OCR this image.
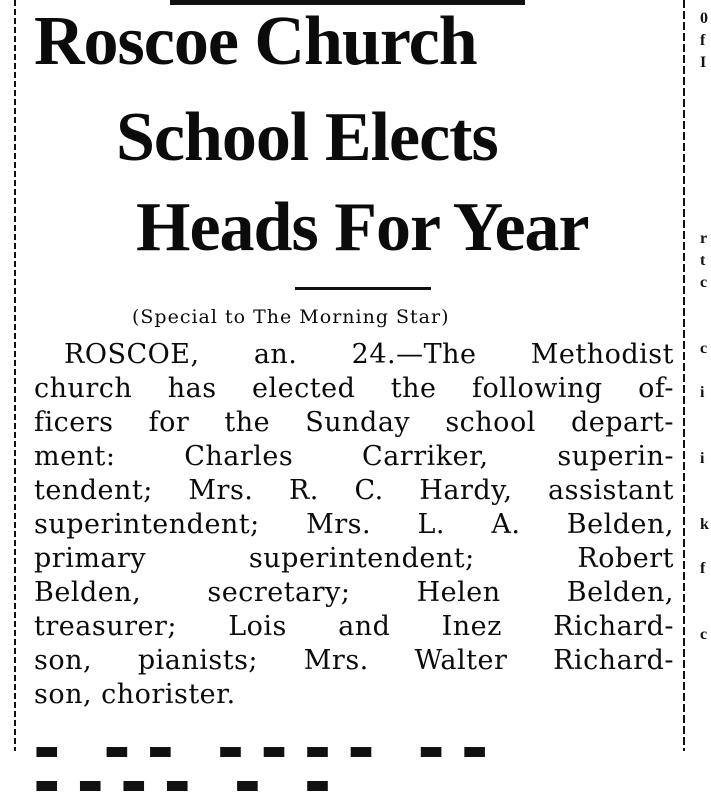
0
f
I
r
t
c
c
i
i
k
f
c
Roscoe Church
School Elects
Heads For Year

(Special to The Morning Star)

ROSCOE, an. 24.—The Methodist
church has elected the following of-
ficers for the Sunday school depart-
ment: Charles Carriker, superin-
tendent; Mrs. R. C. Hardy, assistant
superintendent; Mrs. L. A. Belden,
primary superintendent; Robert
Belden, secretary; Helen Belden,
treasurer; Lois and Inez Richard-
son, pianists; Mrs. Walter Richard-
son, chorister.
▬ ▬▬ ▬▬▬▬ ▬▬ ▬▬▬▬ ▬ ▬
